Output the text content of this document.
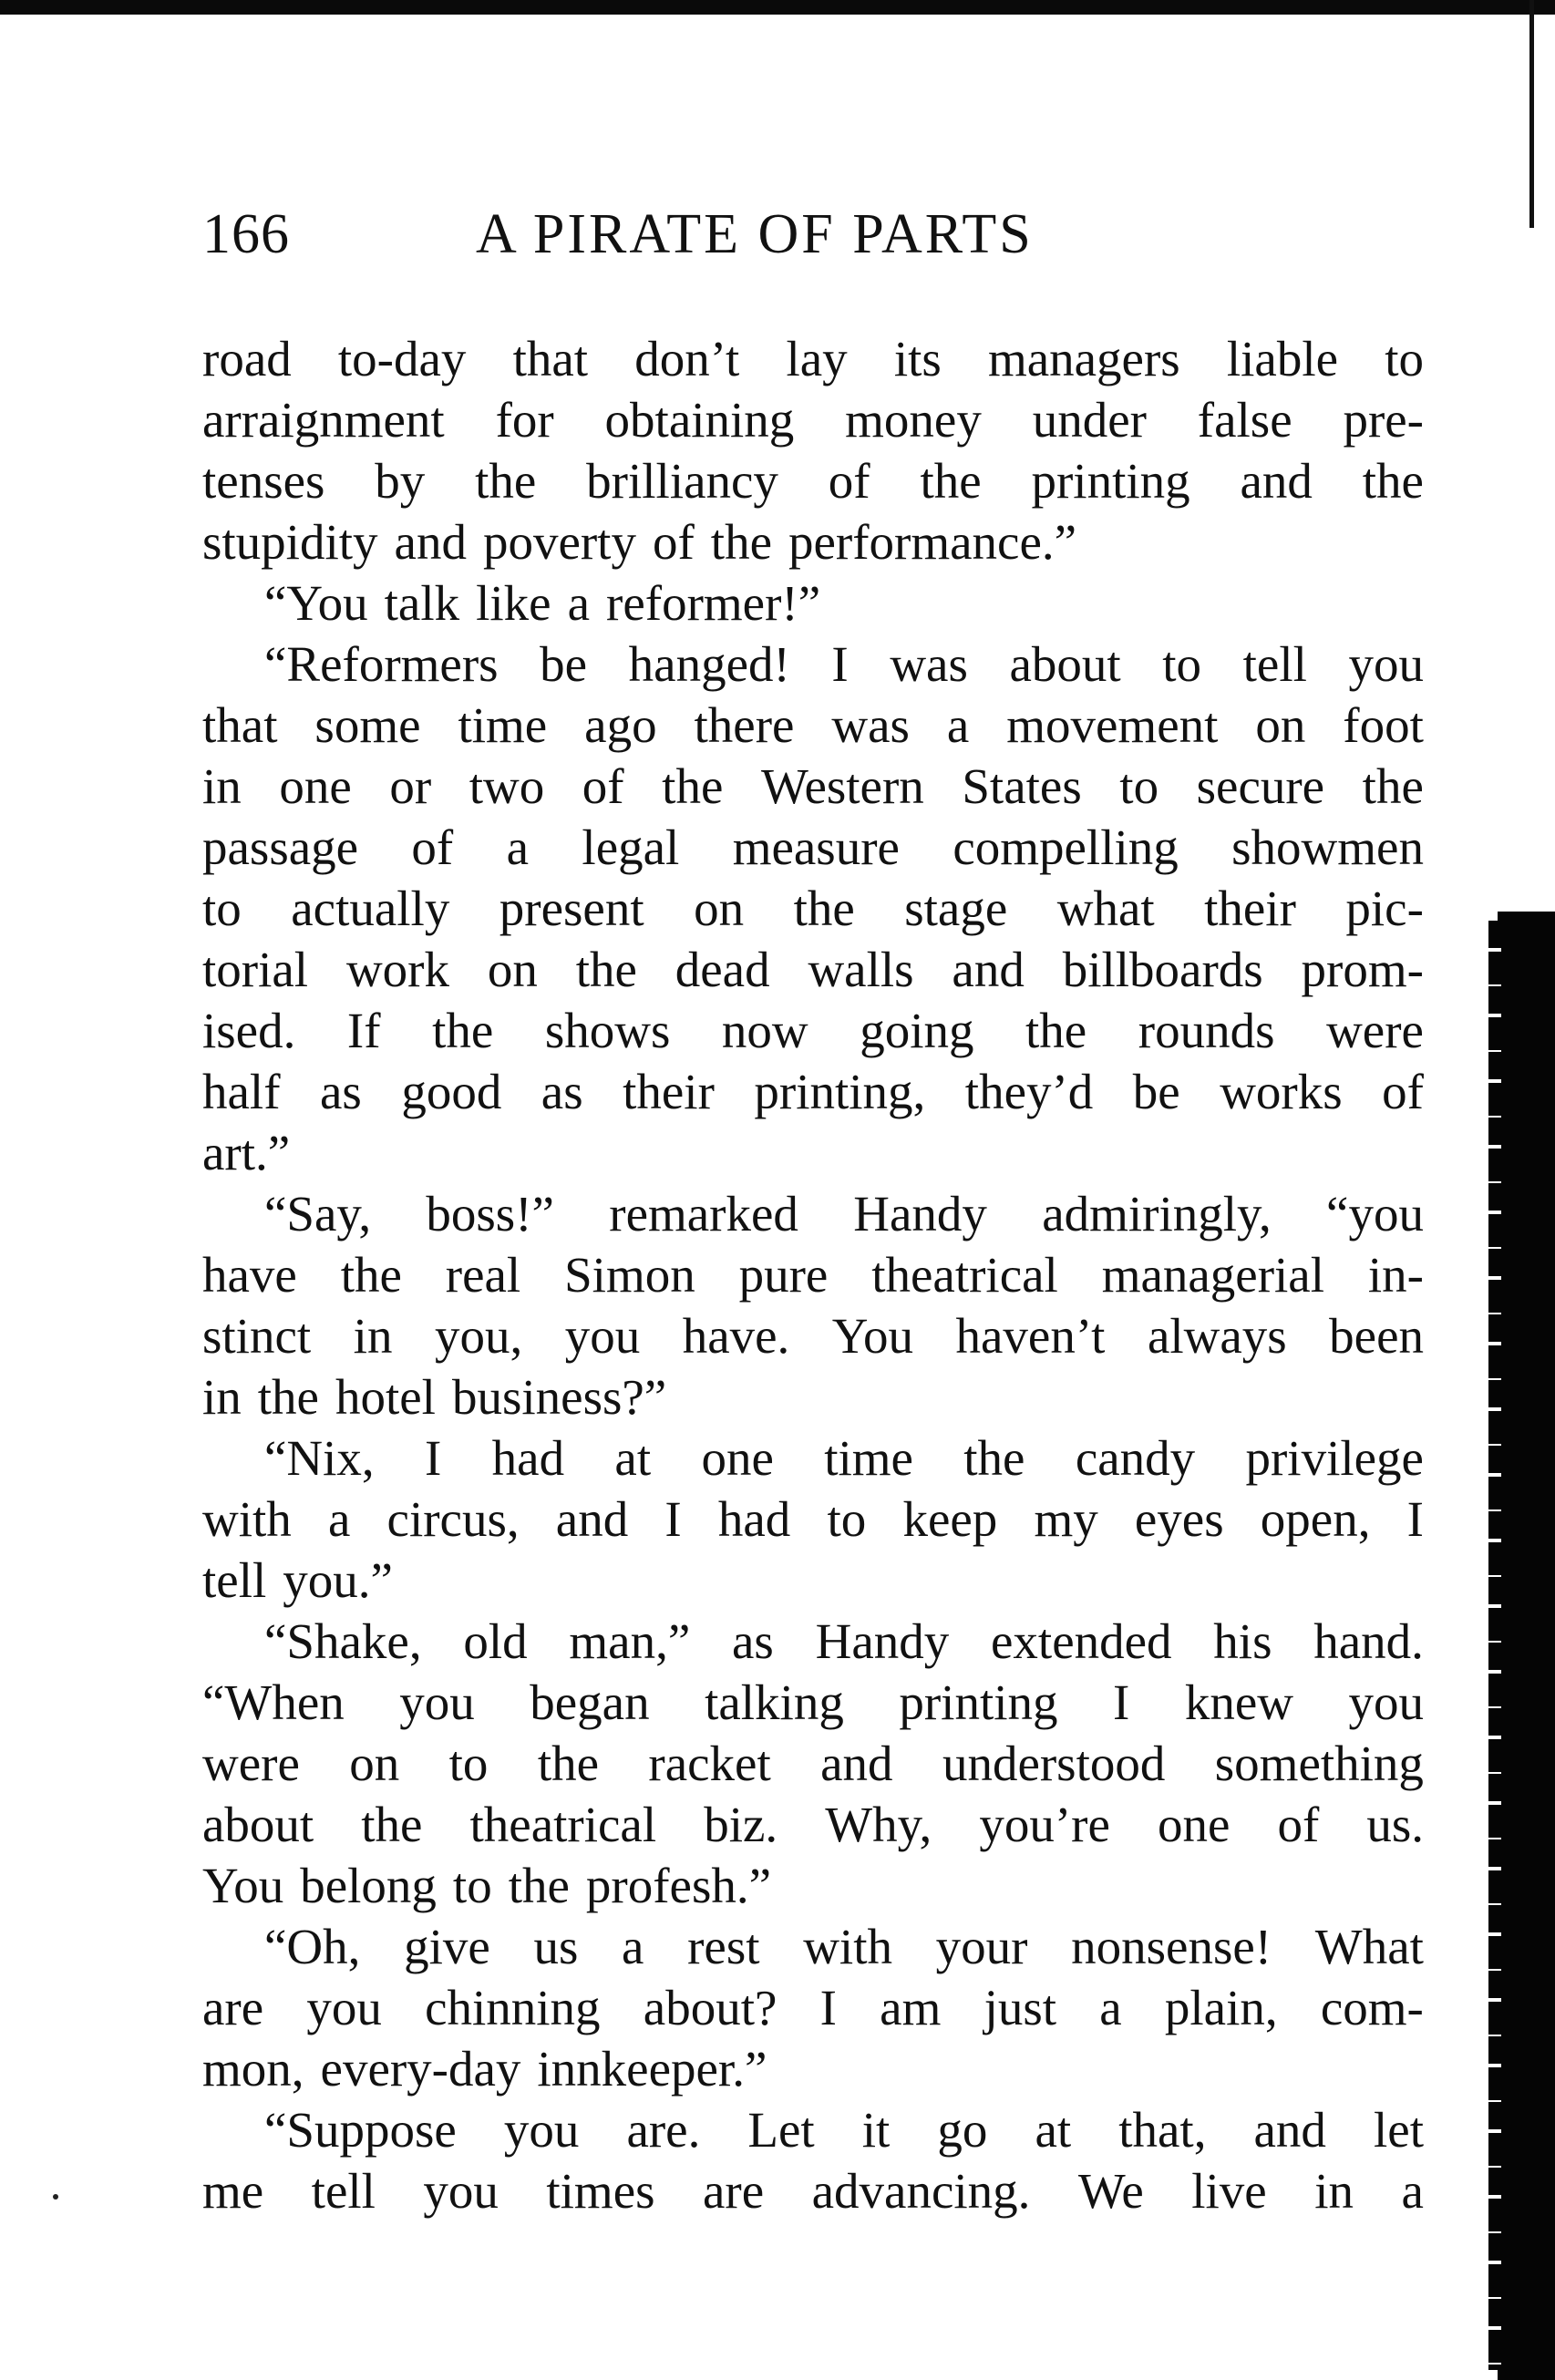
166	A PIRATE OF PARTS
road to-day that don’t lay its managers liable to
arraignment for obtaining money under false pre-
tenses by the brilliancy of the printing and the
stupidity and poverty of the performance.”
“You talk like a reformer!”
“Reformers be hanged! I was about to tell you
that some time ago there was a movement on foot
in one or two of the Western States to secure the
passage of a legal measure compelling showmen
to actually present on the stage what their pic-
torial work on the dead walls and billboards prom-
ised. If the shows now going the rounds were
half as good as their printing, they’d be works of
art.”
“Say, boss!” remarked Handy admiringly, “you
have the real Simon pure theatrical managerial in-
stinct in you, you have. You haven’t always been
in the hotel business?”
“Nix, I had at one time the candy privilege
with a circus, and I had to keep my eyes open, I
tell you.”
“Shake, old man,” as Handy extended his hand.
“When you began talking printing I knew you
were on to the racket and understood something
about the theatrical biz. Why, you’re one of us.
You belong to the profesh.”
“Oh, give us a rest with your nonsense! What
are you chinning about? I am just a plain, com-
mon, every-day innkeeper.”
“Suppose you are. Let it go at that, and let
me tell you times are advancing. We live in a
